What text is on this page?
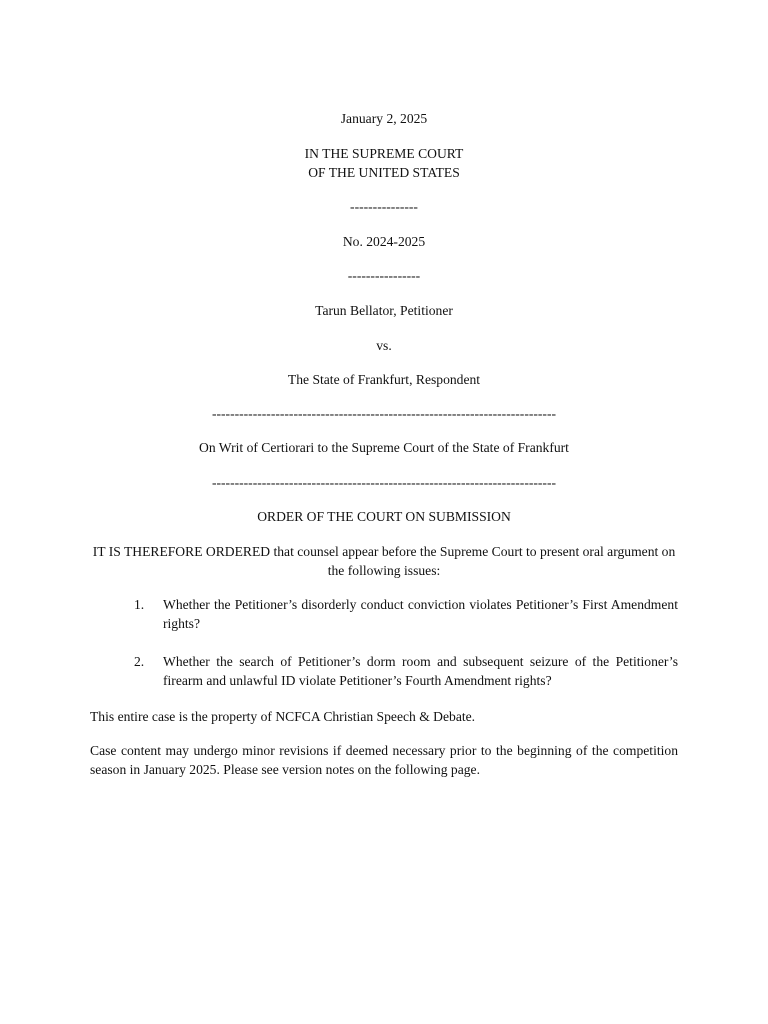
January 2, 2025
IN THE SUPREME COURT
OF THE UNITED STATES
---------------
No. 2024-2025
----------------
Tarun Bellator, Petitioner
vs.
The State of Frankfurt, Respondent
----------------------------------------------------------------------------
On Writ of Certiorari to the Supreme Court of the State of Frankfurt
----------------------------------------------------------------------------
ORDER OF THE COURT ON SUBMISSION
IT IS THEREFORE ORDERED that counsel appear before the Supreme Court to present oral argument on the following issues:
1.	Whether the Petitioner’s disorderly conduct conviction violates Petitioner’s First Amendment rights?
2.	Whether the search of Petitioner’s dorm room and subsequent seizure of the Petitioner’s firearm and unlawful ID violate Petitioner’s Fourth Amendment rights?
This entire case is the property of NCFCA Christian Speech & Debate.
Case content may undergo minor revisions if deemed necessary prior to the beginning of the competition season in January 2025. Please see version notes on the following page.
